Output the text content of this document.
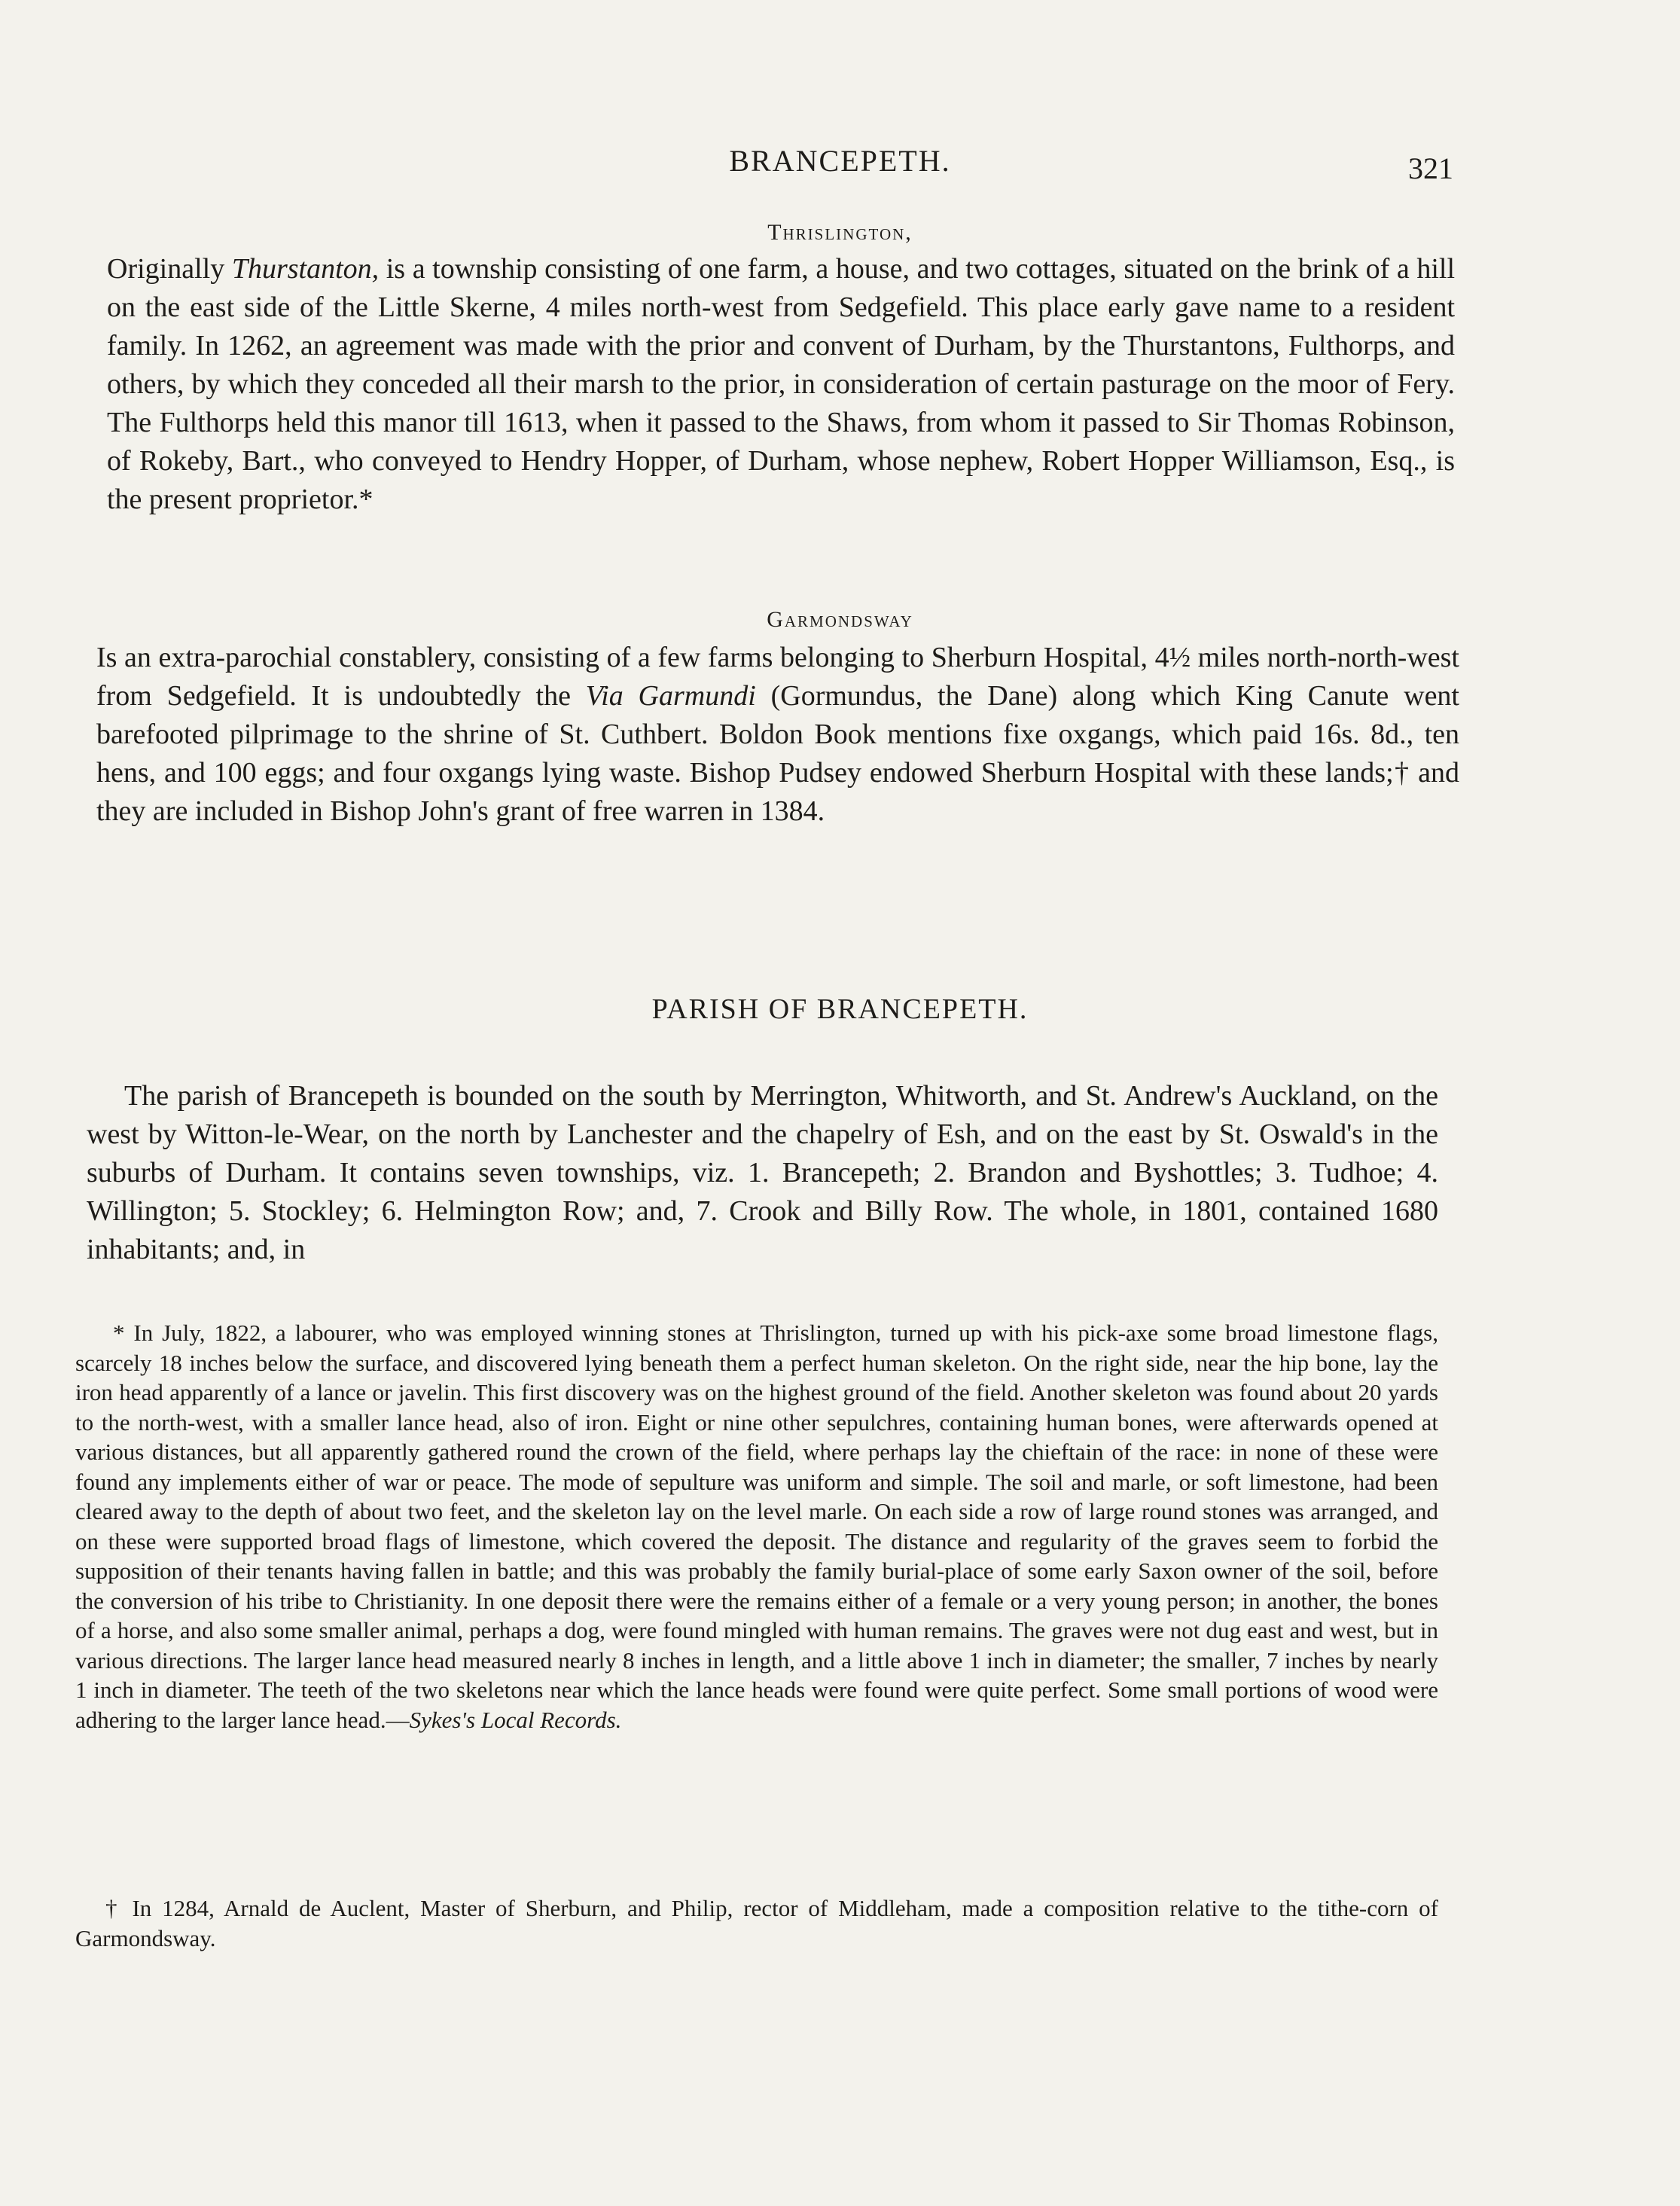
BRANCEPETH.	321
Thrislington,

Originally Thurstanton, is a township consisting of one farm, a house, and two cottages, situated on the brink of a hill on the east side of the Little Skerne, 4 miles north-west from Sedgefield. This place early gave name to a resident family. In 1262, an agreement was made with the prior and convent of Durham, by the Thurstantons, Fulthorps, and others, by which they conceded all their marsh to the prior, in consideration of certain pasturage on the moor of Fery. The Fulthorps held this manor till 1613, when it passed to the Shaws, from whom it passed to Sir Thomas Robinson, of Rokeby, Bart., who conveyed to Hendry Hopper, of Durham, whose nephew, Robert Hopper Williamson, Esq., is the present proprietor.*

Garmondsway

Is an extra-parochial constablery, consisting of a few farms belonging to Sherburn Hospital, 4½ miles north-north-west from Sedgefield. It is undoubtedly the Via Garmundi (Gormundus, the Dane) along which King Canute went barefooted pilprimage to the shrine of St. Cuthbert. Boldon Book mentions fixe oxgangs, which paid 16s. 8d., ten hens, and 100 eggs; and four oxgangs lying waste. Bishop Pudsey endowed Sherburn Hospital with these lands;† and they are included in Bishop John's grant of free warren in 1384.

PARISH OF BRANCEPETH.

The parish of Brancepeth is bounded on the south by Merrington, Whitworth, and St. Andrew's Auckland, on the west by Witton-le-Wear, on the north by Lanchester and the chapelry of Esh, and on the east by St. Oswald's in the suburbs of Durham. It contains seven townships, viz. 1. Brancepeth; 2. Brandon and Byshottles; 3. Tudhoe; 4. Willington; 5. Stockley; 6. Helmington Row; and, 7. Crook and Billy Row. The whole, in 1801, contained 1680 inhabitants; and, in

* In July, 1822, a labourer, who was employed winning stones at Thrislington, turned up with his pick-axe some broad limestone flags, scarcely 18 inches below the surface, and discovered lying beneath them a perfect human skeleton. On the right side, near the hip bone, lay the iron head apparently of a lance or javelin. This first discovery was on the highest ground of the field. Another skeleton was found about 20 yards to the north-west, with a smaller lance head, also of iron. Eight or nine other sepulchres, containing human bones, were afterwards opened at various distances, but all apparently gathered round the crown of the field, where perhaps lay the chieftain of the race: in none of these were found any implements either of war or peace. The mode of sepulture was uniform and simple. The soil and marle, or soft limestone, had been cleared away to the depth of about two feet, and the skeleton lay on the level marle. On each side a row of large round stones was arranged, and on these were supported broad flags of limestone, which covered the deposit. The distance and regularity of the graves seem to forbid the supposition of their tenants having fallen in battle; and this was probably the family burial-place of some early Saxon owner of the soil, before the conversion of his tribe to Christianity. In one deposit there were the remains either of a female or a very young person; in another, the bones of a horse, and also some smaller animal, perhaps a dog, were found mingled with human remains. The graves were not dug east and west, but in various directions. The larger lance head measured nearly 8 inches in length, and a little above 1 inch in diameter; the smaller, 7 inches by nearly 1 inch in diameter. The teeth of the two skeletons near which the lance heads were found were quite perfect. Some small portions of wood were adhering to the larger lance head.—Sykes's Local Records.

† In 1284, Arnald de Auclent, Master of Sherburn, and Philip, rector of Middleham, made a composition relative to the tithe-corn of Garmondsway.
